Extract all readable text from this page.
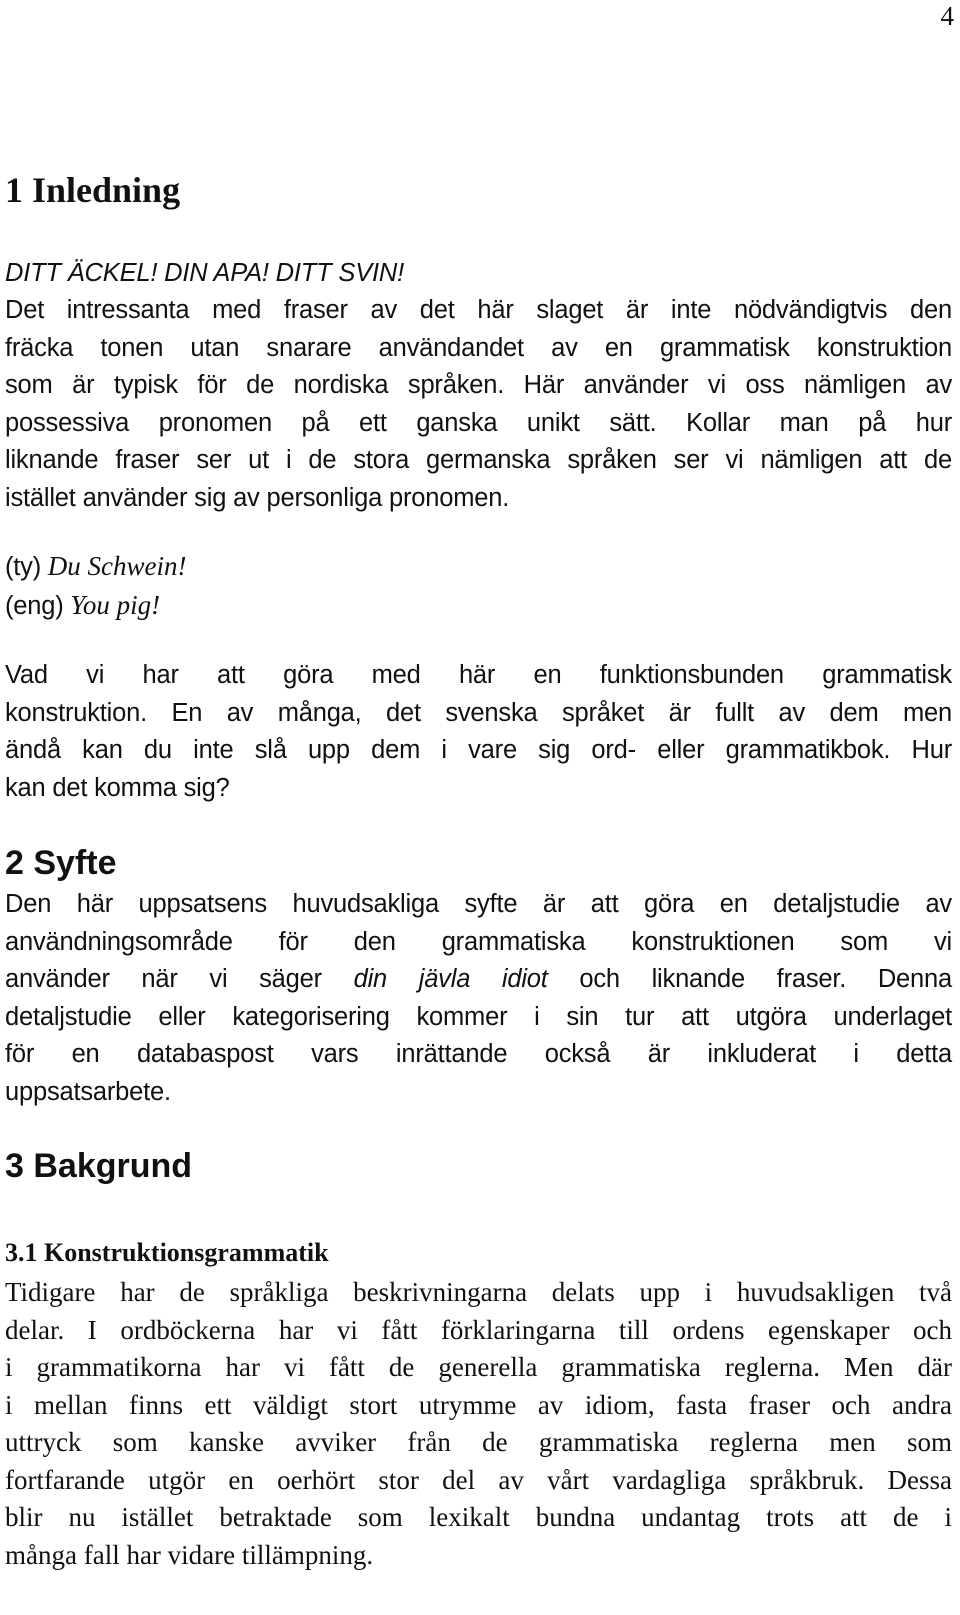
4
1 Inledning
DITT ÄCKEL! DIN APA! DITT SVIN!
Det intressanta med fraser av det här slaget är inte nödvändigtvis den
fräcka tonen utan snarare användandet av en grammatisk konstruktion
som är typisk för de nordiska språken. Här använder vi oss nämligen av
possessiva pronomen på ett ganska unikt sätt. Kollar man på hur
liknande fraser ser ut i de stora germanska språken ser vi nämligen att de
istället använder sig av personliga pronomen.
(ty) Du Schwein!
(eng) You pig!
Vad vi har att göra med här en funktionsbunden grammatisk
konstruktion. En av många, det svenska språket är fullt av dem men
ändå kan du inte slå upp dem i vare sig ord- eller grammatikbok. Hur
kan det komma sig?
2 Syfte
Den här uppsatsens huvudsakliga syfte är att göra en detaljstudie av
användningsområde för den grammatiska konstruktionen som vi
använder när vi säger din jävla idiot och liknande fraser. Denna
detaljstudie eller kategorisering kommer i sin tur att utgöra underlaget
för en databaspost vars inrättande också är inkluderat i detta
uppsatsarbete.
3 Bakgrund
3.1 Konstruktionsgrammatik
Tidigare har de språkliga beskrivningarna delats upp i huvudsakligen två
delar. I ordböckerna har vi fått förklaringarna till ordens egenskaper och
i grammatikorna har vi fått de generella grammatiska reglerna. Men där
i mellan finns ett väldigt stort utrymme av idiom, fasta fraser och andra
uttryck som kanske avviker från de grammatiska reglerna men som
fortfarande utgör en oerhört stor del av vårt vardagliga språkbruk. Dessa
blir nu istället betraktade som lexikalt bundna undantag trots att de i
många fall har vidare tillämpning.
